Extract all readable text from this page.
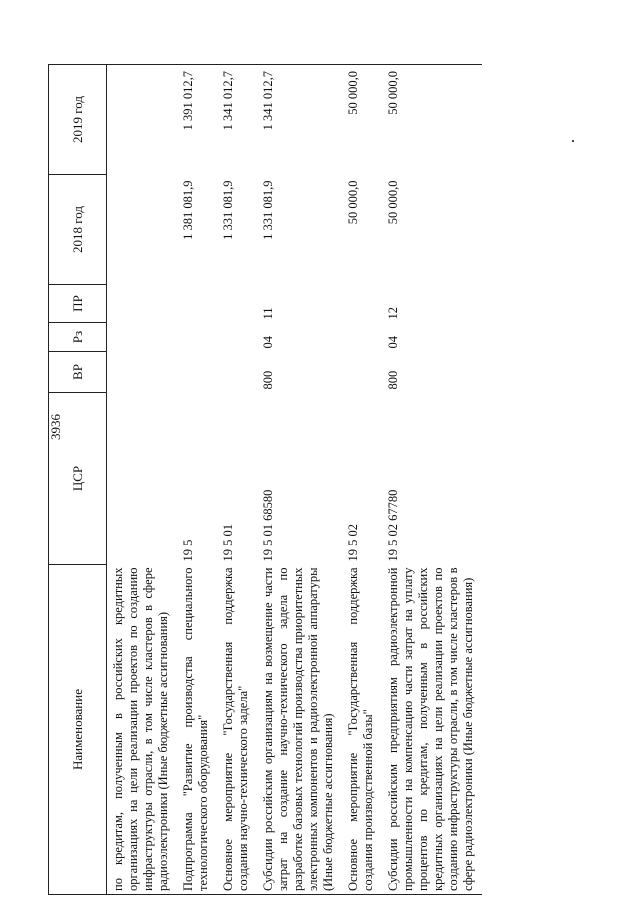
3936
Наименование	ЦСР	ВР	Рз	ПР	2018 год	2019 год
по кредитам, полученным в российских кредитных организациях на цели реализации проектов по созданию инфраструктуры отрасли, в том числе кластеров в сфере радиоэлектроники (Иные бюджетные ассигнования)						
Подпрограмма "Развитие производства специального технологического оборудования"	19 5				1 381 081,9	1 391 012,7
Основное мероприятие "Государственная поддержка создания научно-технического задела"	19 5 01				1 331 081,9	1 341 012,7
Субсидии российским организациям на возмещение части затрат на создание научно-технического задела по разработке базовых технологий производства приоритетных электронных компонентов и радиоэлектронной аппаратуры (Иные бюджетные ассигнования)	19 5 01 68580	800	04	11	1 331 081,9	1 341 012,7
Основное мероприятие "Государственная поддержка создания производственной базы"	19 5 02				50 000,0	50 000,0
Субсидии российским предприятиям радиоэлектронной промышленности на компенсацию части затрат на уплату процентов по кредитам, полученным в российских кредитных организациях на цели реализации проектов по созданию инфраструктуры отрасли, в том числе кластеров в сфере радиоэлектроники (Иные бюджетные ассигнования)	19 5 02 67780	800	04	12	50 000,0	50 000,0
